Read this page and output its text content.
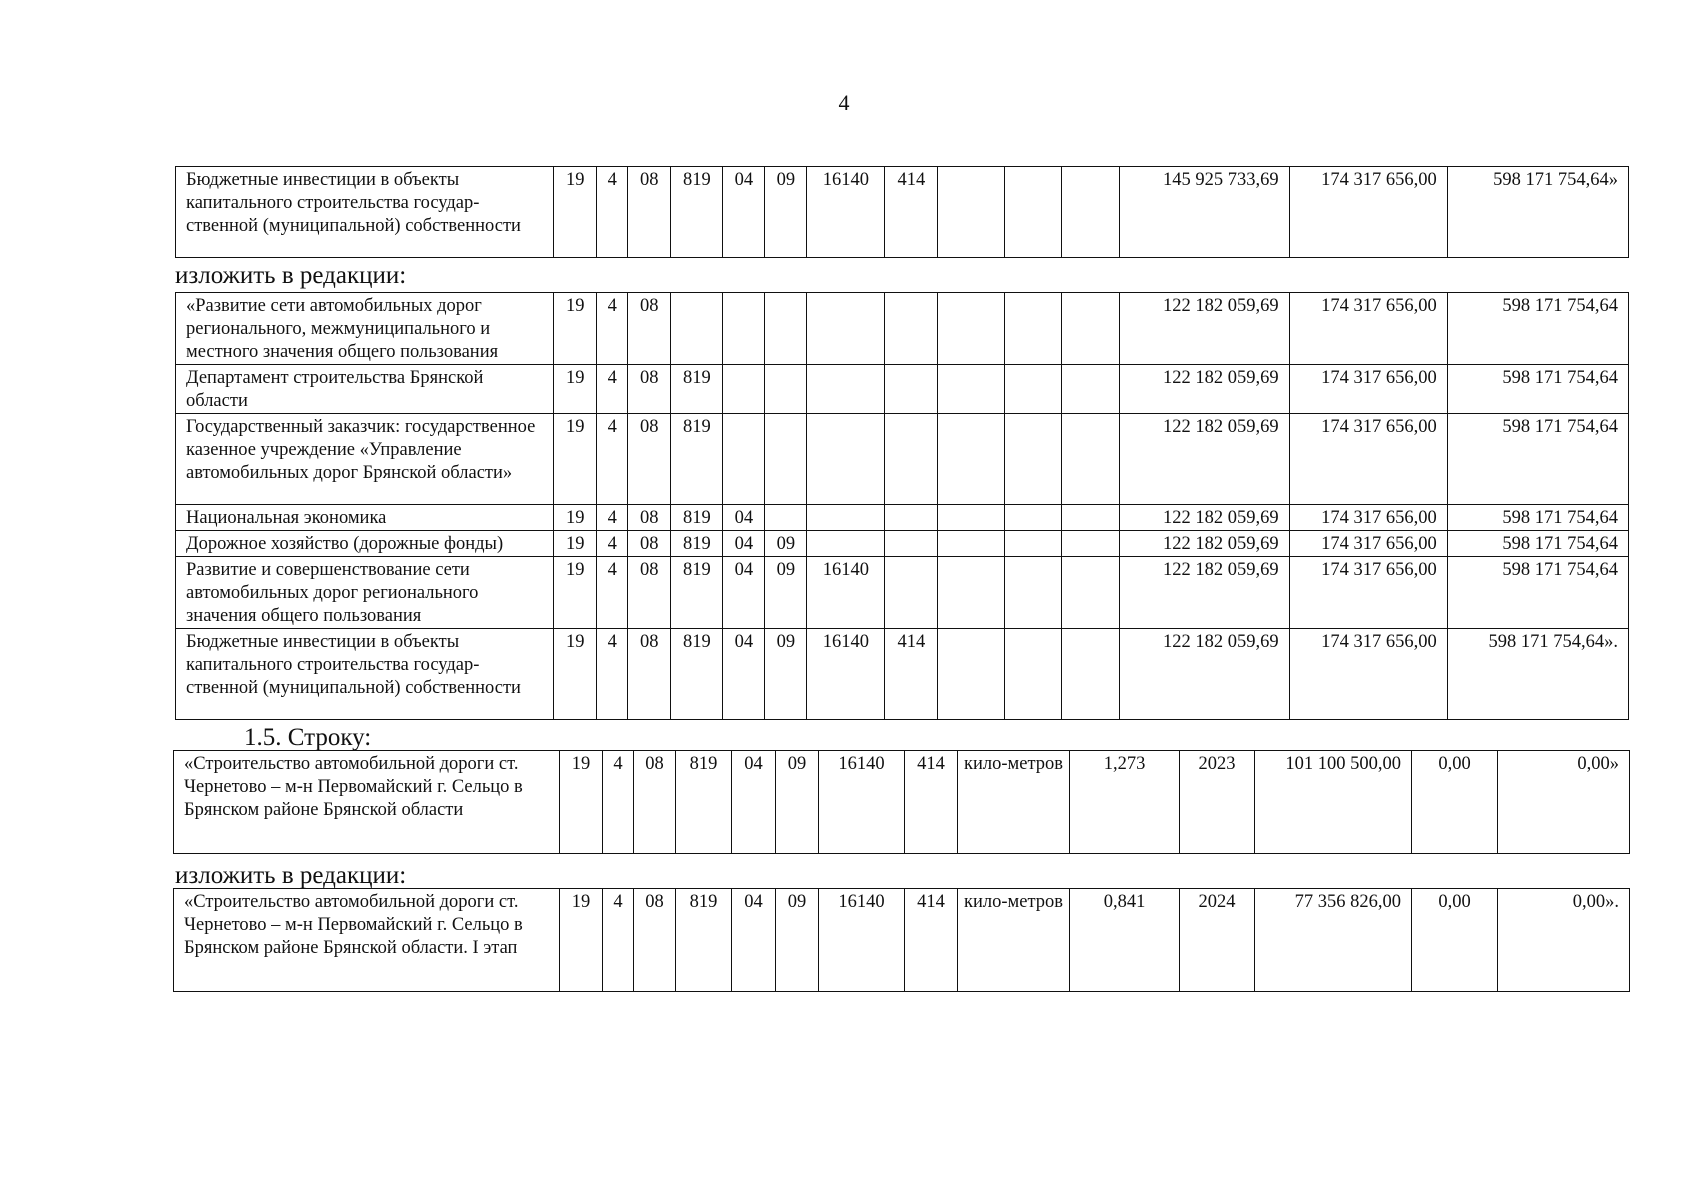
4
Бюджетные инвестиции в объекты капитального строительства государ-ственной (муниципальной) собственности	19	4	08	819	04	09	16140	414				145 925 733,69	174 317 656,00	598 171 754,64»
изложить в редакции:
«Развитие сети автомобильных дорог регионального, межмуниципального и местного значения общего пользования	19	4	08									122 182 059,69	174 317 656,00	598 171 754,64
Департамент строительства Брянской области	19	4	08	819								122 182 059,69	174 317 656,00	598 171 754,64
Государственный заказчик: государственное казенное учреждение «Управление автомобильных дорог Брянской области»	19	4	08	819								122 182 059,69	174 317 656,00	598 171 754,64
Национальная экономика	19	4	08	819	04							122 182 059,69	174 317 656,00	598 171 754,64
Дорожное хозяйство (дорожные фонды)	19	4	08	819	04	09						122 182 059,69	174 317 656,00	598 171 754,64
Развитие и совершенствование сети автомобильных дорог регионального значения общего пользования	19	4	08	819	04	09	16140					122 182 059,69	174 317 656,00	598 171 754,64
Бюджетные инвестиции в объекты капитального строительства государ-ственной (муниципальной) собственности	19	4	08	819	04	09	16140	414				122 182 059,69	174 317 656,00	598 171 754,64».
1.5. Строку:
«Строительство автомобильной дороги ст. Чернетово – м-н Первомайский г. Сельцо в Брянском районе Брянской области	19	4	08	819	04	09	16140	414	кило-метров	1,273	2023	101 100 500,00	0,00	0,00»
изложить в редакции:
«Строительство автомобильной дороги ст. Чернетово – м-н Первомайский г. Сельцо в Брянском районе Брянской области. I этап	19	4	08	819	04	09	16140	414	кило-метров	0,841	2024	77 356 826,00	0,00	0,00».
